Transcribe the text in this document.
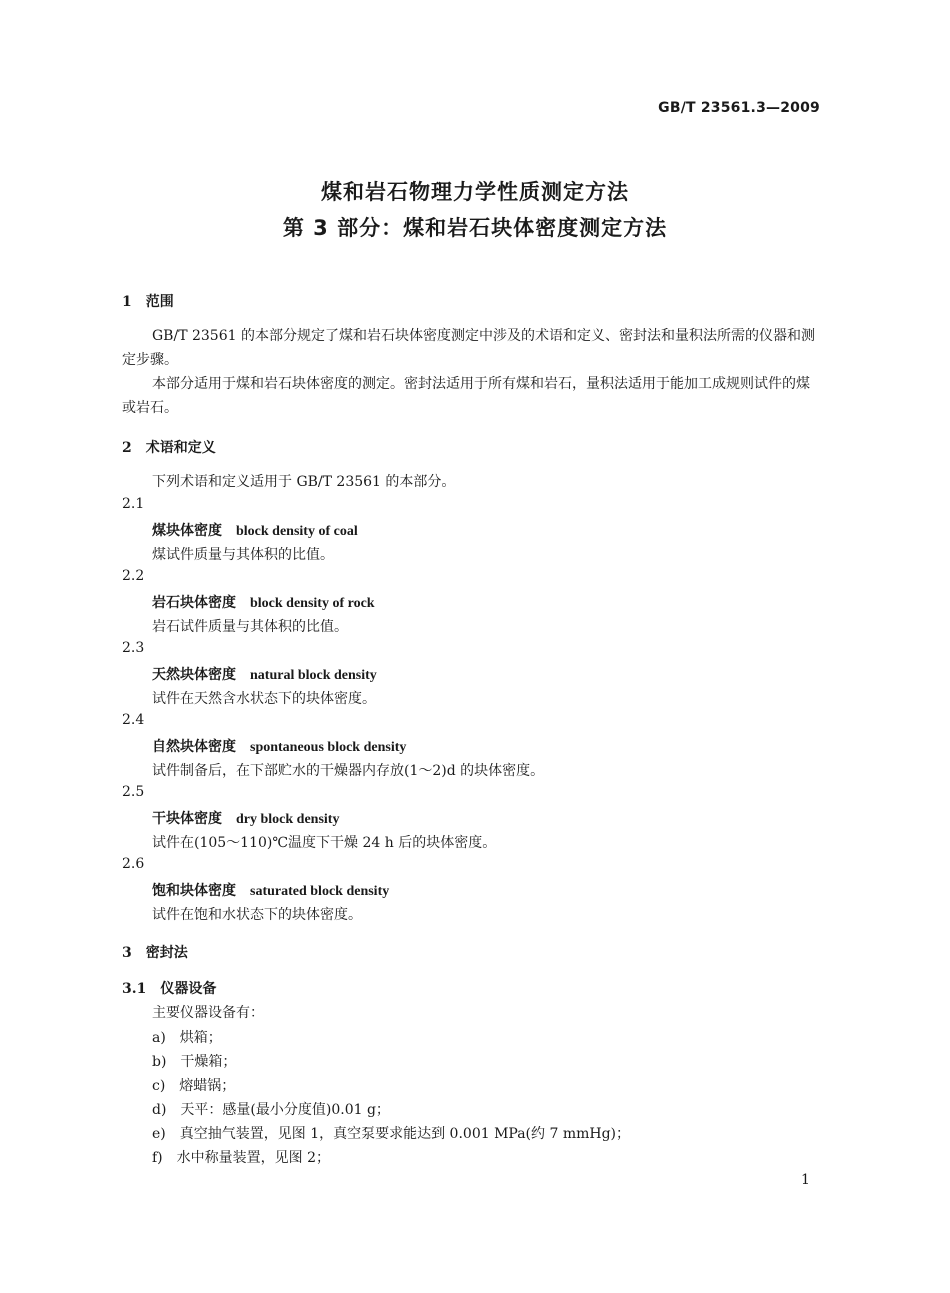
GB/T 23561.3—2009
煤和岩石物理力学性质测定方法
第 3 部分：煤和岩石块体密度测定方法
1　范围
GB/T 23561 的本部分规定了煤和岩石块体密度测定中涉及的术语和定义、密封法和量积法所需的仪器和测定步骤。
本部分适用于煤和岩石块体密度的测定。密封法适用于所有煤和岩石，量积法适用于能加工成规则试件的煤或岩石。
2　术语和定义
下列术语和定义适用于 GB/T 23561 的本部分。
2.1
煤块体密度 block density of coal
煤试件质量与其体积的比值。
2.2
岩石块体密度 block density of rock
岩石试件质量与其体积的比值。
2.3
天然块体密度 natural block density
试件在天然含水状态下的块体密度。
2.4
自然块体密度 spontaneous block density
试件制备后，在下部贮水的干燥器内存放(1～2)d 的块体密度。
2.5
干块体密度 dry block density
试件在(105～110)℃温度下干燥 24 h 后的块体密度。
2.6
饱和块体密度 saturated block density
试件在饱和水状态下的块体密度。
3　密封法
3.1　仪器设备
主要仪器设备有：
a)　烘箱；
b)　干燥箱；
c)　熔蜡锅；
d)　天平：感量(最小分度值)0.01 g；
e)　真空抽气装置，见图 1，真空泵要求能达到 0.001 MPa(约 7 mmHg)；
f)　水中称量装置，见图 2；
1
